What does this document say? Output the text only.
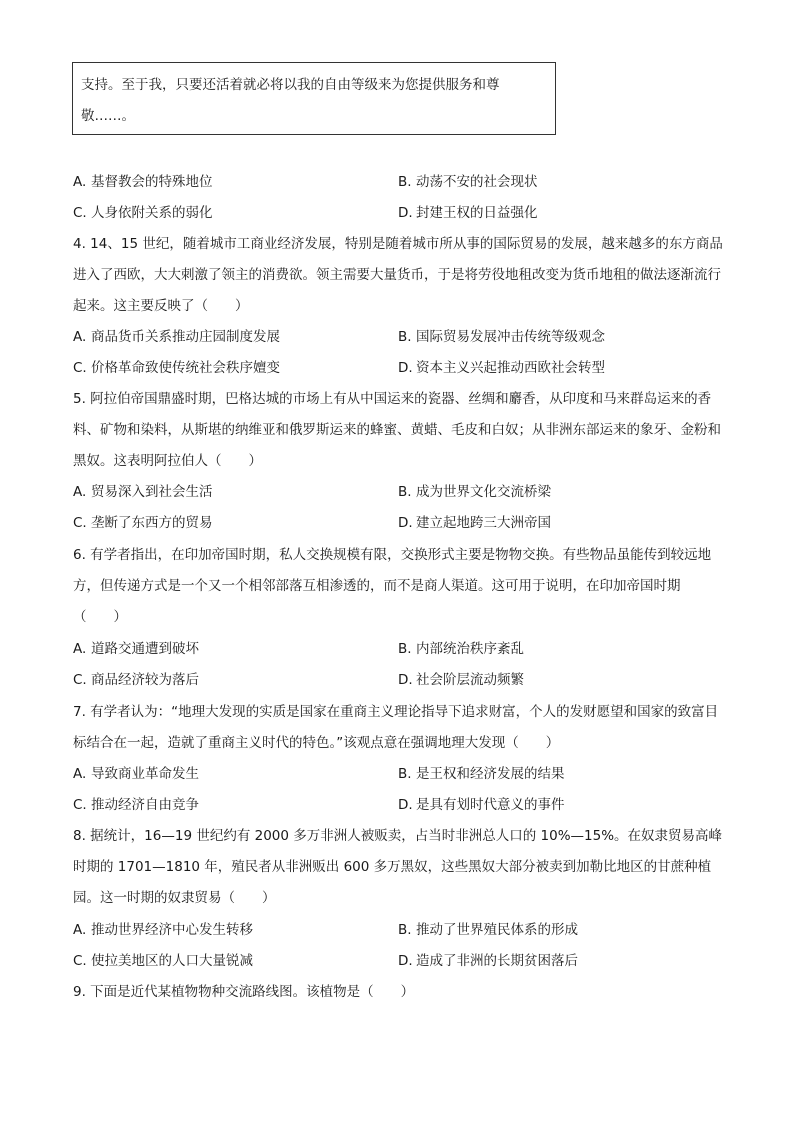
支持。至于我，只要还活着就必将以我的自由等级来为您提供服务和尊敬……。
A. 基督教会的特殊地位	B. 动荡不安的社会现状
C. 人身依附关系的弱化	D. 封建王权的日益强化

4. 14、15 世纪，随着城市工商业经济发展，特别是随着城市所从事的国际贸易的发展，越来越多的东方商品进入了西欧，大大刺激了领主的消费欲。领主需要大量货币，于是将劳役地租改变为货币地租的做法逐渐流行起来。这主要反映了（　　）

A. 商品货币关系推动庄园制度发展	B. 国际贸易发展冲击传统等级观念
C. 价格革命致使传统社会秩序嬗变	D. 资本主义兴起推动西欧社会转型

5. 阿拉伯帝国鼎盛时期，巴格达城的市场上有从中国运来的瓷器、丝绸和麝香，从印度和马来群岛运来的香料、矿物和染料，从斯堪的纳维亚和俄罗斯运来的蜂蜜、黄蜡、毛皮和白奴；从非洲东部运来的象牙、金粉和黑奴。这表明阿拉伯人（　　）

A. 贸易深入到社会生活	B. 成为世界文化交流桥梁
C. 垄断了东西方的贸易	D. 建立起地跨三大洲帝国

6. 有学者指出，在印加帝国时期，私人交换规模有限，交换形式主要是物物交换。有些物品虽能传到较远地方，但传递方式是一个又一个相邻部落互相渗透的，而不是商人渠道。这可用于说明，在印加帝国时期（　　）

A. 道路交通遭到破坏	B. 内部统治秩序紊乱
C. 商品经济较为落后	D. 社会阶层流动频繁

7. 有学者认为：“地理大发现的实质是国家在重商主义理论指导下追求财富，个人的发财愿望和国家的致富目标结合在一起，造就了重商主义时代的特色。”该观点意在强调地理大发现（　　）

A. 导致商业革命发生	B. 是王权和经济发展的结果
C. 推动经济自由竞争	D. 是具有划时代意义的事件

8. 据统计，16—19 世纪约有 2000 多万非洲人被贩卖，占当时非洲总人口的 10%—15%。在奴隶贸易高峰时期的 1701—1810 年，殖民者从非洲贩出 600 多万黑奴，这些黑奴大部分被卖到加勒比地区的甘蔗种植园。这一时期的奴隶贸易（　　）

A. 推动世界经济中心发生转移	B. 推动了世界殖民体系的形成
C. 使拉美地区的人口大量锐减	D. 造成了非洲的长期贫困落后

9. 下面是近代某植物物种交流路线图。该植物是（　　）
